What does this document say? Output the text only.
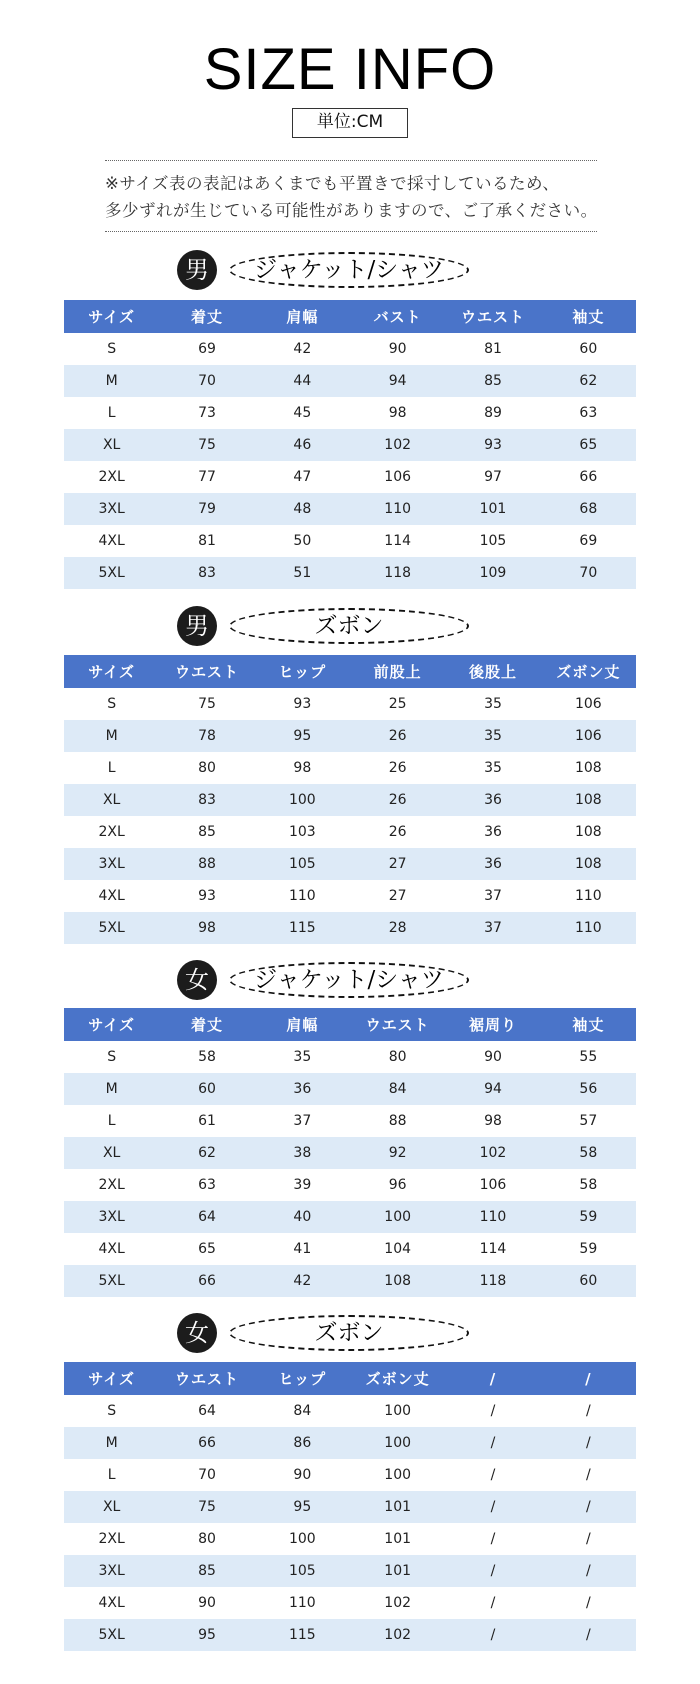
SIZE INFO
単位:CM
※サイズ表の表記はあくまでも平置きで採寸しているため、
多少ずれが生じている可能性がありますので、ご了承ください。
男	ジャケット/シャツ
サイズ	着丈	肩幅	バスト	ウエスト	袖丈
S	69	42	90	81	60
M	70	44	94	85	62
L	73	45	98	89	63
XL	75	46	102	93	65
2XL	77	47	106	97	66
3XL	79	48	110	101	68
4XL	81	50	114	105	69
5XL	83	51	118	109	70
男	ズボン
サイズ	ウエスト	ヒップ	前股上	後股上	ズボン丈
S	75	93	25	35	106
M	78	95	26	35	106
L	80	98	26	35	108
XL	83	100	26	36	108
2XL	85	103	26	36	108
3XL	88	105	27	36	108
4XL	93	110	27	37	110
5XL	98	115	28	37	110
女	ジャケット/シャツ
サイズ	着丈	肩幅	ウエスト	裾周り	袖丈
S	58	35	80	90	55
M	60	36	84	94	56
L	61	37	88	98	57
XL	62	38	92	102	58
2XL	63	39	96	106	58
3XL	64	40	100	110	59
4XL	65	41	104	114	59
5XL	66	42	108	118	60
女	ズボン
サイズ	ウエスト	ヒップ	ズボン丈	/	/
S	64	84	100	/	/
M	66	86	100	/	/
L	70	90	100	/	/
XL	75	95	101	/	/
2XL	80	100	101	/	/
3XL	85	105	101	/	/
4XL	90	110	102	/	/
5XL	95	115	102	/	/
